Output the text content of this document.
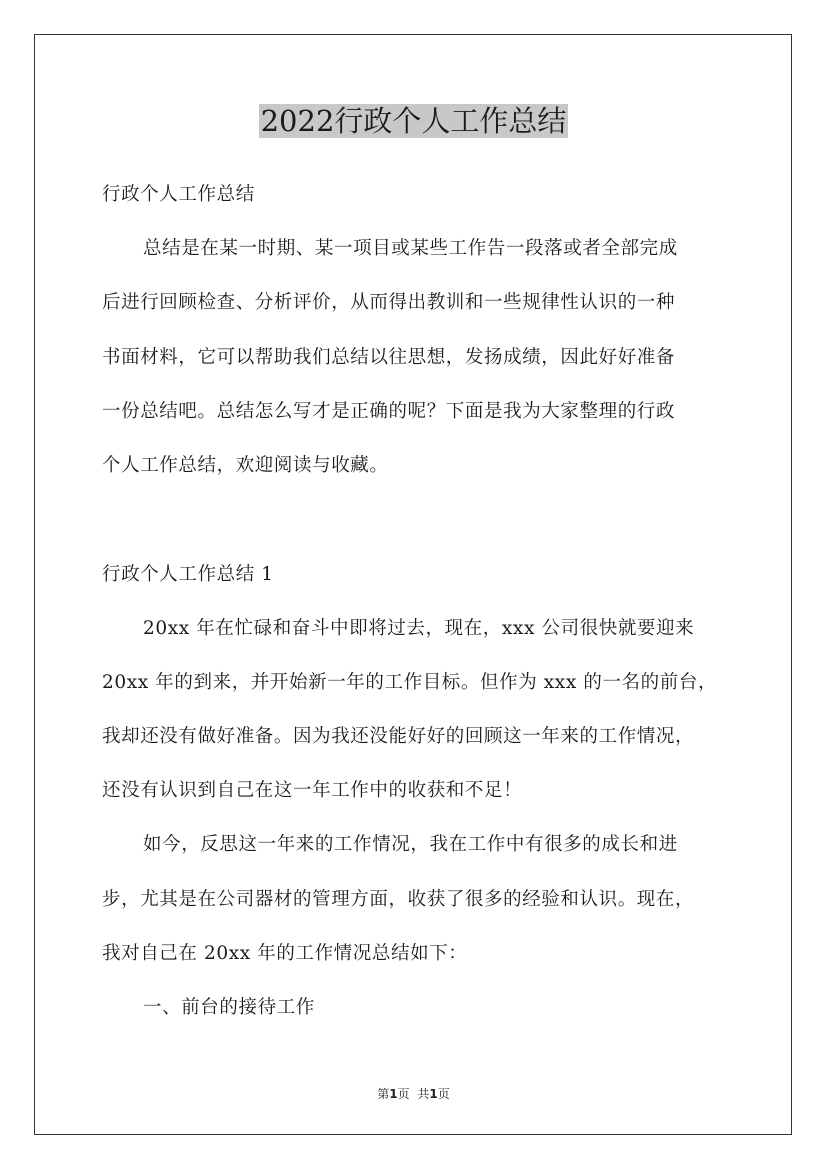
2022行政个人工作总结
行政个人工作总结
总结是在某一时期、某一项目或某些工作告一段落或者全部完成
后进行回顾检查、分析评价，从而得出教训和一些规律性认识的一种
书面材料，它可以帮助我们总结以往思想，发扬成绩，因此好好准备
一份总结吧。总结怎么写才是正确的呢？下面是我为大家整理的行政
个人工作总结，欢迎阅读与收藏。
行政个人工作总结 1
20xx 年在忙碌和奋斗中即将过去，现在，xxx 公司很快就要迎来
20xx 年的到来，并开始新一年的工作目标。但作为 xxx 的一名的前台，
我却还没有做好准备。因为我还没能好好的回顾这一年来的工作情况，
还没有认识到自己在这一年工作中的收获和不足！
如今，反思这一年来的工作情况，我在工作中有很多的成长和进
步，尤其是在公司器材的管理方面，收获了很多的经验和认识。现在，
我对自己在 20xx 年的工作情况总结如下：
一、前台的接待工作
第1页 共1页
